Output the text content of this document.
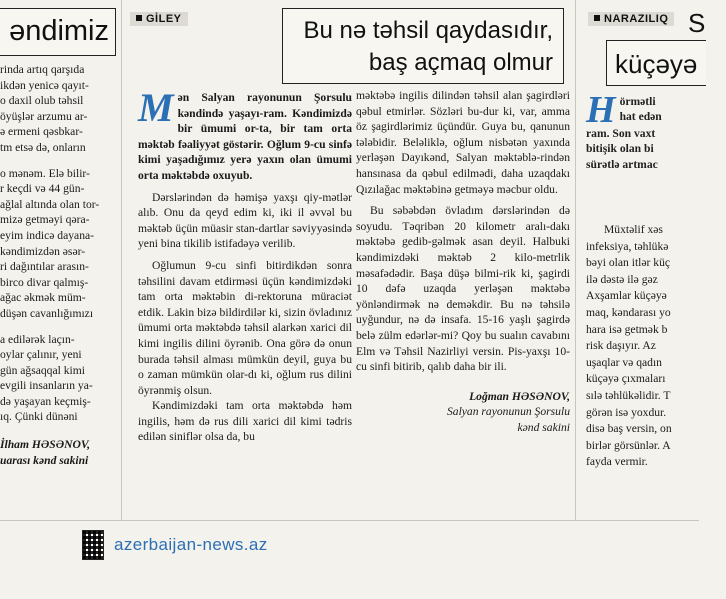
əndimiz

rinda artıq qarşıda

ikdən yenicə qayıt-

o daxil olub təhsil

öyüşlər arzumu ar-

ə ermeni qəsbkar-

tm etsə də, onların

o mənəm. Elə bilir-

r keçdi və 44 gün-

ağlal altında olan tor-

mizə getməyi qəra-

eyim indicə dayana-

kəndimizdən əsər-

ri dağıntılar arasın-

birco divar qalmış-

ağac əkmək müm-

düşən cavanlığımızı

a edilərək laçın-

oylar çalınır, yeni

gün ağsaqqal kimi

evgili insanların ya-

də yaşayan keçmiş-

ıq. Çünki dünəni

İlham HƏSƏNOV,

uarası kənd sakini

GİLEY	Bu nə təhsil qaydasıdır,
baş açmaq olmur

Mən Salyan rayonunun Şorsulu kəndində yaşayı-ram. Kəndimizdə bir ümumi or-ta, bir tam orta məktəb fəaliyyət göstərir. Oğlum 9-cu sinfə kimi yaşadığımız yerə yaxın olan ümumi orta məktəbdə oxuyub.

Dərslərindən də həmişə yaxşı qiy-mətlər alıb. Onu da qeyd edim ki, iki il əvvəl bu məktəb üçün müasir stan-dartlar səviyyəsində yeni bina tikilib istifadəyə verilib.

Oğlumun 9-cu sinfi bitirdikdən sonra təhsilini davam etdirməsi üçün kəndimizdəki tam orta məktəbin di-rektoruna müraciət etdik. Lakin bizə bildirdilər ki, sizin övladınız ümumi orta məktəbdə təhsil alarkən xarici dil kimi ingilis dilini öyrənib. Ona görə də onun burada təhsil alması mümkün deyil, guya bu o zaman mümkün olar-dı ki, oğlum rus dilini öyrənmiş olsun.

Kəndimizdəki tam orta məktəbdə həm ingilis, həm də rus dili xarici dil kimi tədris edilən siniflər olsa da, bu

məktəbə ingilis dilindən təhsil alan şagirdləri qəbul etmirlər. Sözləri bu-dur ki, var, amma öz şagirdlərimiz üçündür. Guya bu, qanunun tələbidir. Beləliklə, oğlum nisbətən yaxında yerləşən Dayıkənd, Salyan məktəblə-rindən hansınasa da qəbul edilmədi, daha uzaqdakı Qızılağac məktəbinə getməyə məcbur oldu.

Bu səbəbdən övladım dərslərindən də soyudu. Təqribən 20 kilometr aralı-dakı məktəbə gedib-gəlmək asan deyil. Halbuki kəndimizdəki məktəb 2 kilo-metrlik məsafədədir. Başa düşə bilmi-rik ki, şagirdi 10 dəfə uzaqda yerləşən məktəbə yönləndirmək nə deməkdir. Bu nə təhsilə uyğundur, nə də insafa. 15-16 yaşlı şagirdə belə zülm edərlər-mi? Qoy bu sualın cavabını Elm və Təhsil Nazirliyi versin. Pis-yaxşı 10-cu sinfi bitirib, qalıb daha bir ili.

Loğman HƏSƏNOV,

Salyan rayonunun Şorsulu

kənd sakini

NARAZILIQ S
küçəyə
H örmətli
hat edən
ram. Son vaxt
bitişik olan bi
sürətlə artmac
Müxtəlif xəs
infeksiya, təhlükə
bəyi olan itlər küç
ilə dəstə ilə gəz
Axşamlar küçəyə
maq, kəndarası yo
hara isə getmək b
risk daşıyır. Az
uşaqlar və qadın
küçəyə çıxmaları
sılə təhlükəlidir. T
görən isə yoxdur.
disə baş versin, on
birlər görsünlər. A
fayda vermir.
azerbaijan-news.az
